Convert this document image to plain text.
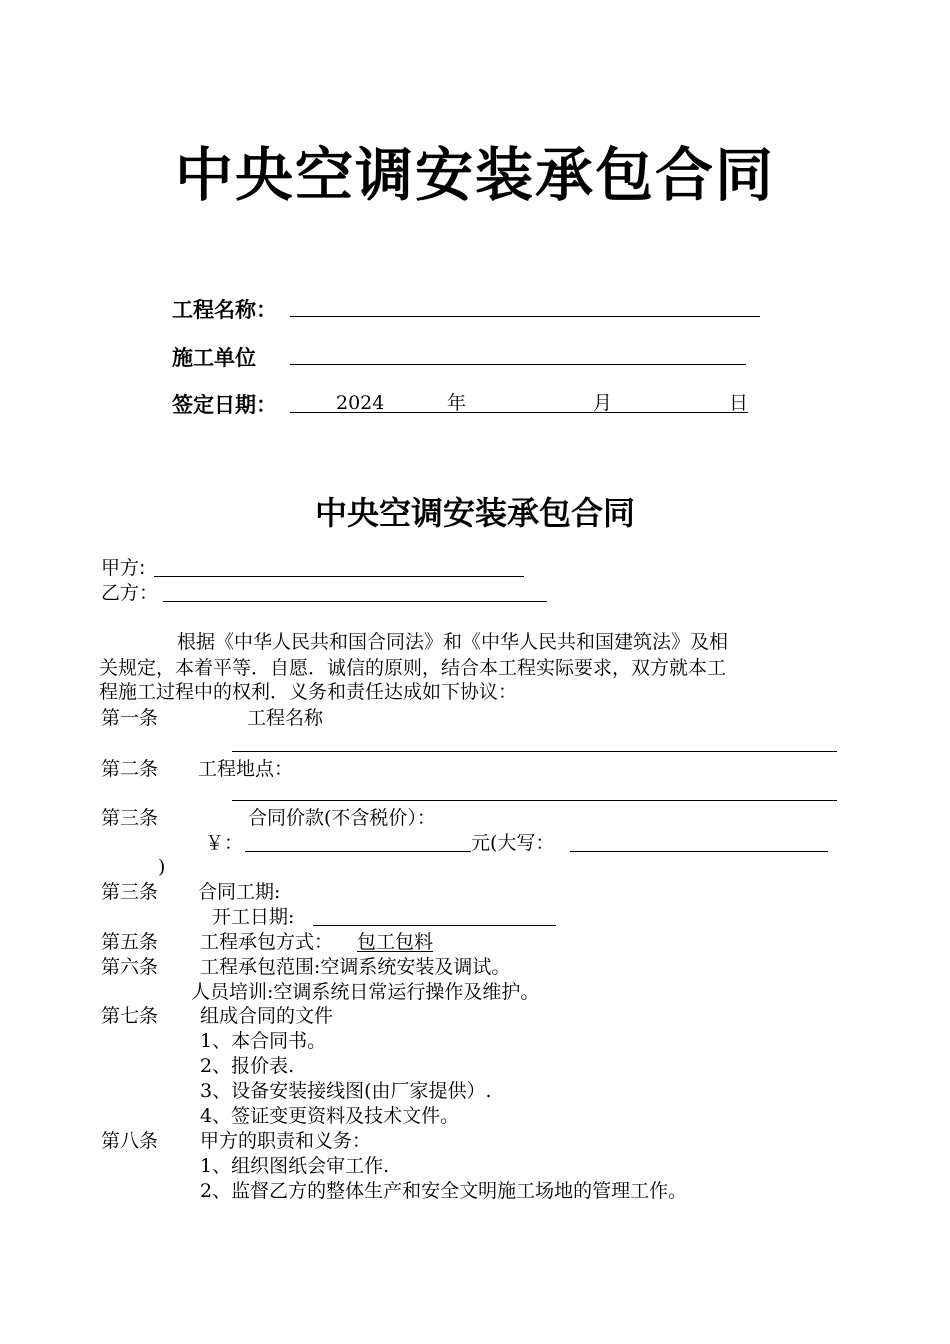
中央空调安装承包合同
工程名称：
施工单位
签定日期：	2024	年	月	日
中央空调安装承包合同
甲方:
乙方：
根据《中华人民共和国合同法》和《中华人民共和国建筑法》及相
关规定，本着平等．自愿．诚信的原则，结合本工程实际要求，双方就本工
程施工过程中的权利．义务和责任达成如下协议：
第一条	工程名称
第二条 工程地点：
第三条	合同价款(不含税价）：
￥：	元(大写：
)
第三条 合同工期:
开工日期:
第五条 工程承包方式： 包工包料
第六条 工程承包范围:空调系统安装及调试。
人员培训:空调系统日常运行操作及维护。
第七条 组成合同的文件
1、本合同书。
2、报价表.
3、设备安装接线图(由厂家提供）.
4、签证变更资料及技术文件。
第八条 甲方的职责和义务：
1、组织图纸会审工作.
2、监督乙方的整体生产和安全文明施工场地的管理工作。
